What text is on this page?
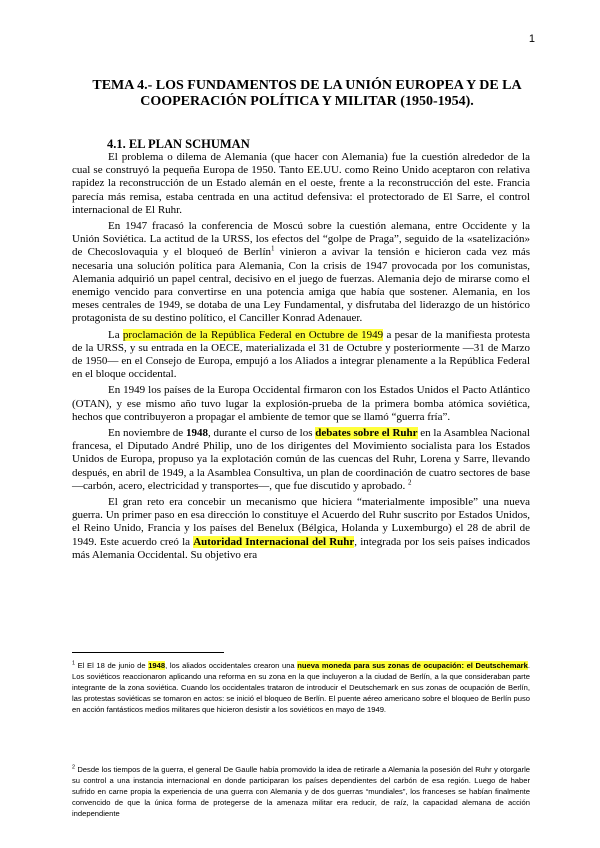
1
TEMA 4.- LOS FUNDAMENTOS DE LA UNIÓN EUROPEA Y DE LA
COOPERACIÓN POLÍTICA Y MILITAR (1950-1954).
4.1. EL PLAN SCHUMAN

El problema o dilema de Alemania (que hacer con Alemania) fue la cuestión alrededor de la cual se construyó la pequeña Europa de 1950. Tanto EE.UU. como Reino Unido aceptaron con relativa rapidez la reconstrucción de un Estado alemán en el oeste, frente a la reconstrucción del este. Francia parecía más remisa, estaba centrada en una actitud defensiva: el protectorado de El Sarre, el control internacional de El Ruhr.

En 1947 fracasó la conferencia de Moscú sobre la cuestión alemana, entre Occidente y la Unión Soviética. La actitud de la URSS, los efectos del “golpe de Praga”, seguido de la «satelización» de Checoslovaquia y el bloqueó de Berlín$^1$ vinieron a avivar la tensión e hicieron cada vez más necesaria una solución política para Alemania, Con la crisis de 1947 provocada por los comunistas, Alemania adquirió un papel central, decisivo en el juego de fuerzas. Alemania dejo de mirarse como el enemigo vencido para convertirse en una potencia amiga que había que sostener. Alemania, en los meses centrales de 1949, se dotaba de una Ley Fundamental, y disfrutaba del liderazgo de un histórico protagonista de su destino político, el Canciller Konrad Adenauer.

La proclamación de la República Federal en Octubre de 1949 a pesar de la manifiesta protesta de la URSS, y su entrada en la OECE, materializada el 31 de Octubre y posteriormente —31 de Marzo de 1950— en el Consejo de Europa, empujó a los Aliados a integrar plenamente a la República Federal en el bloque occidental.

En 1949 los países de la Europa Occidental firmaron con los Estados Unidos el Pacto Atlántico (OTAN), y ese mismo año tuvo lugar la explosión-prueba de la primera bomba atómica soviética, hechos que contribuyeron a propagar el ambiente de temor que se llamó “guerra fría”.

En noviembre de 1948, durante el curso de los debates sobre el Ruhr en la Asamblea Nacional francesa, el Diputado André Philip, uno de los dirigentes del Movimiento socialista para los Estados Unidos de Europa, propuso ya la explotación común de las cuencas del Ruhr, Lorena y Sarre, llevando después, en abril de 1949, a la Asamblea Consultiva, un plan de coordinación de cuatro sectores de base —carbón, acero, electricidad y transportes—, que fue discutido y aprobado. $^2$

El gran reto era concebir un mecanismo que hiciera “materialmente imposible” una nueva guerra. Un primer paso en esa dirección lo constituye el Acuerdo del Ruhr suscrito por Estados Unidos, el Reino Unido, Francia y los países del Benelux (Bélgica, Holanda y Luxemburgo) el 28 de abril de 1949. Este acuerdo creó la Autoridad Internacional del Ruhr, integrada por los seis países indicados más Alemania Occidental. Su objetivo era

$^1$ El El 18 de junio de 1948, los aliados occidentales crearon una nueva moneda para sus zonas de ocupación: el Deutschemark. Los soviéticos reaccionaron aplicando una reforma en su zona en la que incluyeron a la ciudad de Berlín, a la que consideraban parte integrante de la zona soviética. Cuando los occidentales trataron de introducir el Deutschemark en sus zonas de ocupación de Berlín, las protestas soviéticas se tomaron en actos: se inició el bloqueo de Berlín. El puente aéreo americano sobre el bloqueo de Berlín puso en acción fantásticos medios militares que hicieron desistir a los soviéticos en mayo de 1949.
$^2$ Desde los tiempos de la guerra, el general De Gaulle había promovido la idea de retirarle a Alemania la posesión del Ruhr y otorgarle su control a una instancia internacional en donde participaran los países dependientes del carbón de esa región. Luego de haber sufrido en carne propia la experiencia de una guerra con Alemania y de dos guerras “mundiales”, los franceses se habían finalmente convencido de que la única forma de protegerse de la amenaza militar era reducir, de raíz, la capacidad alemana de acción independiente
